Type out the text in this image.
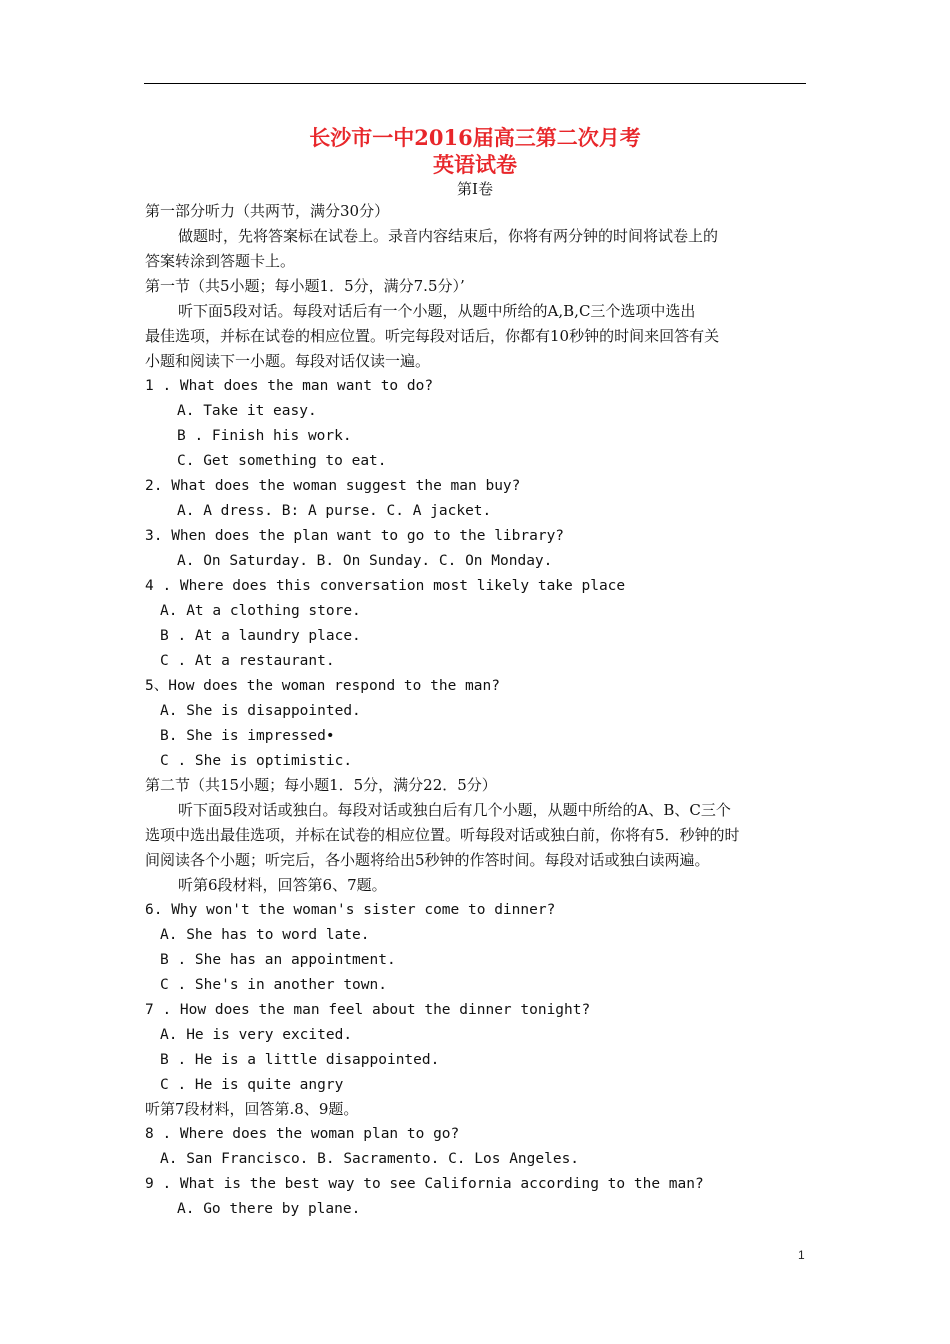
长沙市一中2016届高三第二次月考
英语试卷
第I卷
第一部分听力（共两节，满分30分）
做题时，先将答案标在试卷上。录音内容结束后，你将有两分钟的时间将试卷上的
答案转涂到答题卡上。
第一节（共5小题；每小题1．5分，满分7.5分）’
听下面5段对话。每段对话后有一个小题，从题中所给的A,B,C三个选项中选出
最佳选项，并标在试卷的相应位置。听完每段对话后，你都有10秒钟的时间来回答有关
小题和阅读下一小题。每段对话仅读一遍。
1 . What does the man want to do?
A. Take it easy.
B . Finish his work.
C. Get something to eat.
2. What does the woman suggest the man buy?
A. A dress. B: A purse. C. A jacket.
3. When does the plan want to go to the library?
A. On Saturday. B. On Sunday. C. On Monday.
4 . Where does this conversation most likely take place
A. At a clothing store.
B . At a laundry place.
C . At a restaurant.
5、How does the woman respond to the man?
A. She is disappointed.
B. She is impressed•
C . She is optimistic.
第二节（共15小题；每小题1．5分，满分22．5分）
听下面5段对话或独白。每段对话或独白后有几个小题，从题中所给的A、B、C三个
选项中选出最佳选项，并标在试卷的相应位置。听每段对话或独白前，你将有5．秒钟的时
间阅读各个小题；听完后，各小题将给出5秒钟的作答时间。每段对话或独白读两遍。
听第6段材料，回答第6、7题。
6. Why won't the woman's sister come to dinner?
A. She has to word late.
B . She has an appointment.
C . She's in another town.
7 . How does the man feel about the dinner tonight?
A. He is very excited.
B . He is a little disappointed.
C . He is quite angry
听第7段材料，回答第.8、9题。
8 . Where does the woman plan to go?
A. San Francisco. B. Sacramento. C. Los Angeles.
9 . What is the best way to see California according to the man?
A. Go there by plane.
1
